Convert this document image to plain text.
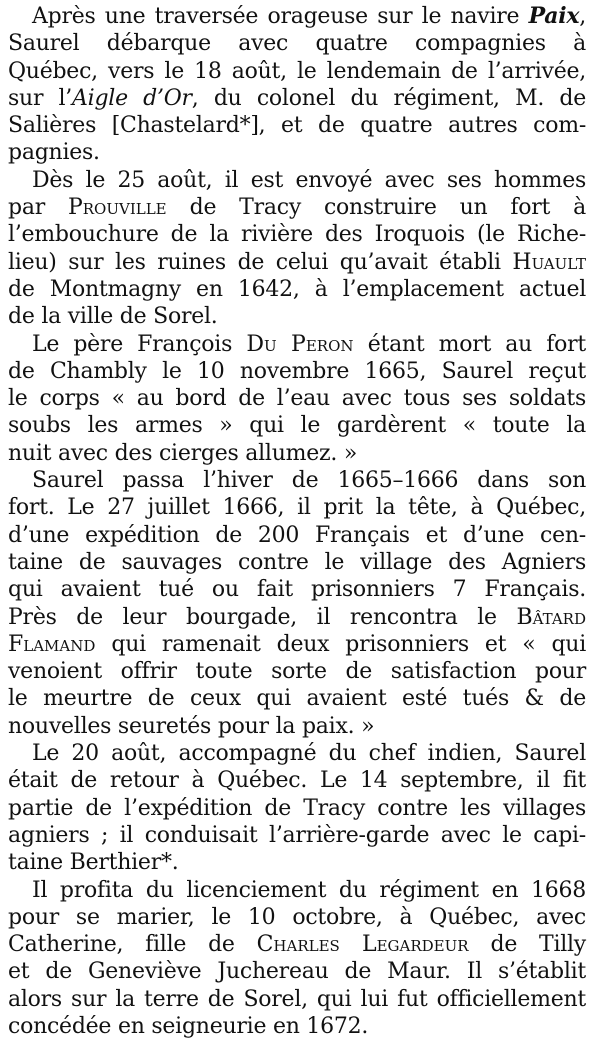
Après une traversée orageuse sur le navire Paix,
Saurel débarque avec quatre compagnies à
Québec, vers le 18 août, le lendemain de l’arrivée,
sur l’Aigle d’Or, du colonel du régiment, M. de
Salières [Chastelard*], et de quatre autres com-
pagnies.
Dès le 25 août, il est envoyé avec ses hommes
par Prouville de Tracy construire un fort à
l’embouchure de la rivière des Iroquois (le Riche-
lieu) sur les ruines de celui qu’avait établi Huault
de Montmagny en 1642, à l’emplacement actuel
de la ville de Sorel.
Le père François Du Peron étant mort au fort
de Chambly le 10 novembre 1665, Saurel reçut
le corps « au bord de l’eau avec tous ses soldats
soubs les armes » qui le gardèrent « toute la
nuit avec des cierges allumez. »
Saurel passa l’hiver de 1665–1666 dans son
fort. Le 27 juillet 1666, il prit la tête, à Québec,
d’une expédition de 200 Français et d’une cen-
taine de sauvages contre le village des Agniers
qui avaient tué ou fait prisonniers 7 Français.
Près de leur bourgade, il rencontra le Bâtard
Flamand qui ramenait deux prisonniers et « qui
venoient offrir toute sorte de satisfaction pour
le meurtre de ceux qui avaient esté tués & de
nouvelles seuretés pour la paix. »
Le 20 août, accompagné du chef indien, Saurel
était de retour à Québec. Le 14 septembre, il fit
partie de l’expédition de Tracy contre les villages
agniers ; il conduisait l’arrière-garde avec le capi-
taine Berthier*.
Il profita du licenciement du régiment en 1668
pour se marier, le 10 octobre, à Québec, avec
Catherine, fille de Charles Legardeur de Tilly
et de Geneviève Juchereau de Maur. Il s’établit
alors sur la terre de Sorel, qui lui fut officiellement
concédée en seigneurie en 1672.
